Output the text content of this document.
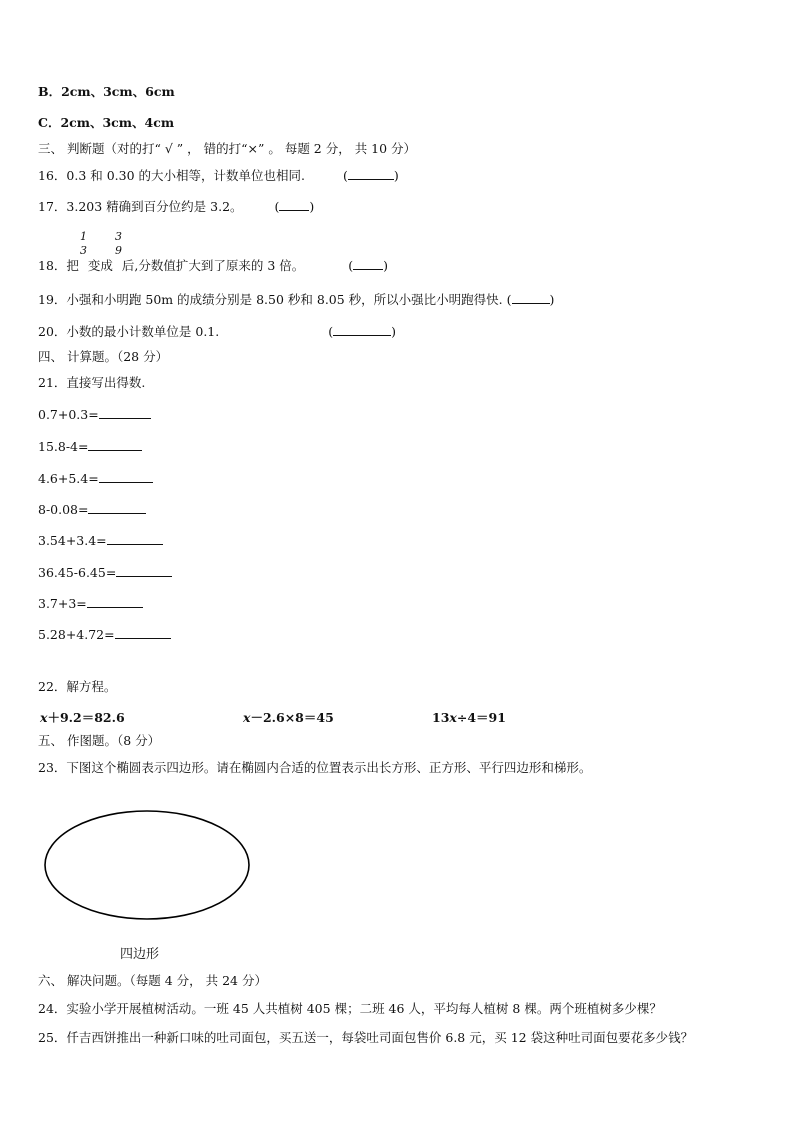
B．2cm、3cm、6cm
C．2cm、3cm、4cm
三、 判断题（对的打“ √ ” ， 错的打“×” 。 每题 2 分， 共 10 分）
16．0.3 和 0.30 的大小相等，计数单位也相同. (  )
17．3.203 精确到百分位约是 3.2。 (  )
1
3
3
9
18．把 变成 后,分数值扩大到了原来的 3 倍。 (  )
19．小强和小明跑 50m 的成绩分别是 8.50 秒和 8.05 秒，所以小强比小明跑得快. (  )
20．小数的最小计数单位是 0.1. (  )
四、 计算题。（28 分）
21．直接写出得数.
0.7+0.3=
15.8-4=
4.6+5.4=
8-0.08=
3.54+3.4=
36.45-6.45=
3.7+3=
5.28+4.72=
22．解方程。
x＋9.2＝82.6	x－2.6×8＝45	13x÷4＝91
五、 作图题。（8 分）
23．下图这个椭圆表示四边形。请在椭圆内合适的位置表示出长方形、正方形、平行四边形和梯形。
四边形
六、 解决问题。（每题 4 分， 共 24 分）
24．实验小学开展植树活动。一班 45 人共植树 405 棵；二班 46 人，平均每人植树 8 棵。两个班植树多少棵？
25．仟吉西饼推出一种新口味的吐司面包，买五送一，每袋吐司面包售价 6.8 元，买 12 袋这种吐司面包要花多少钱？
